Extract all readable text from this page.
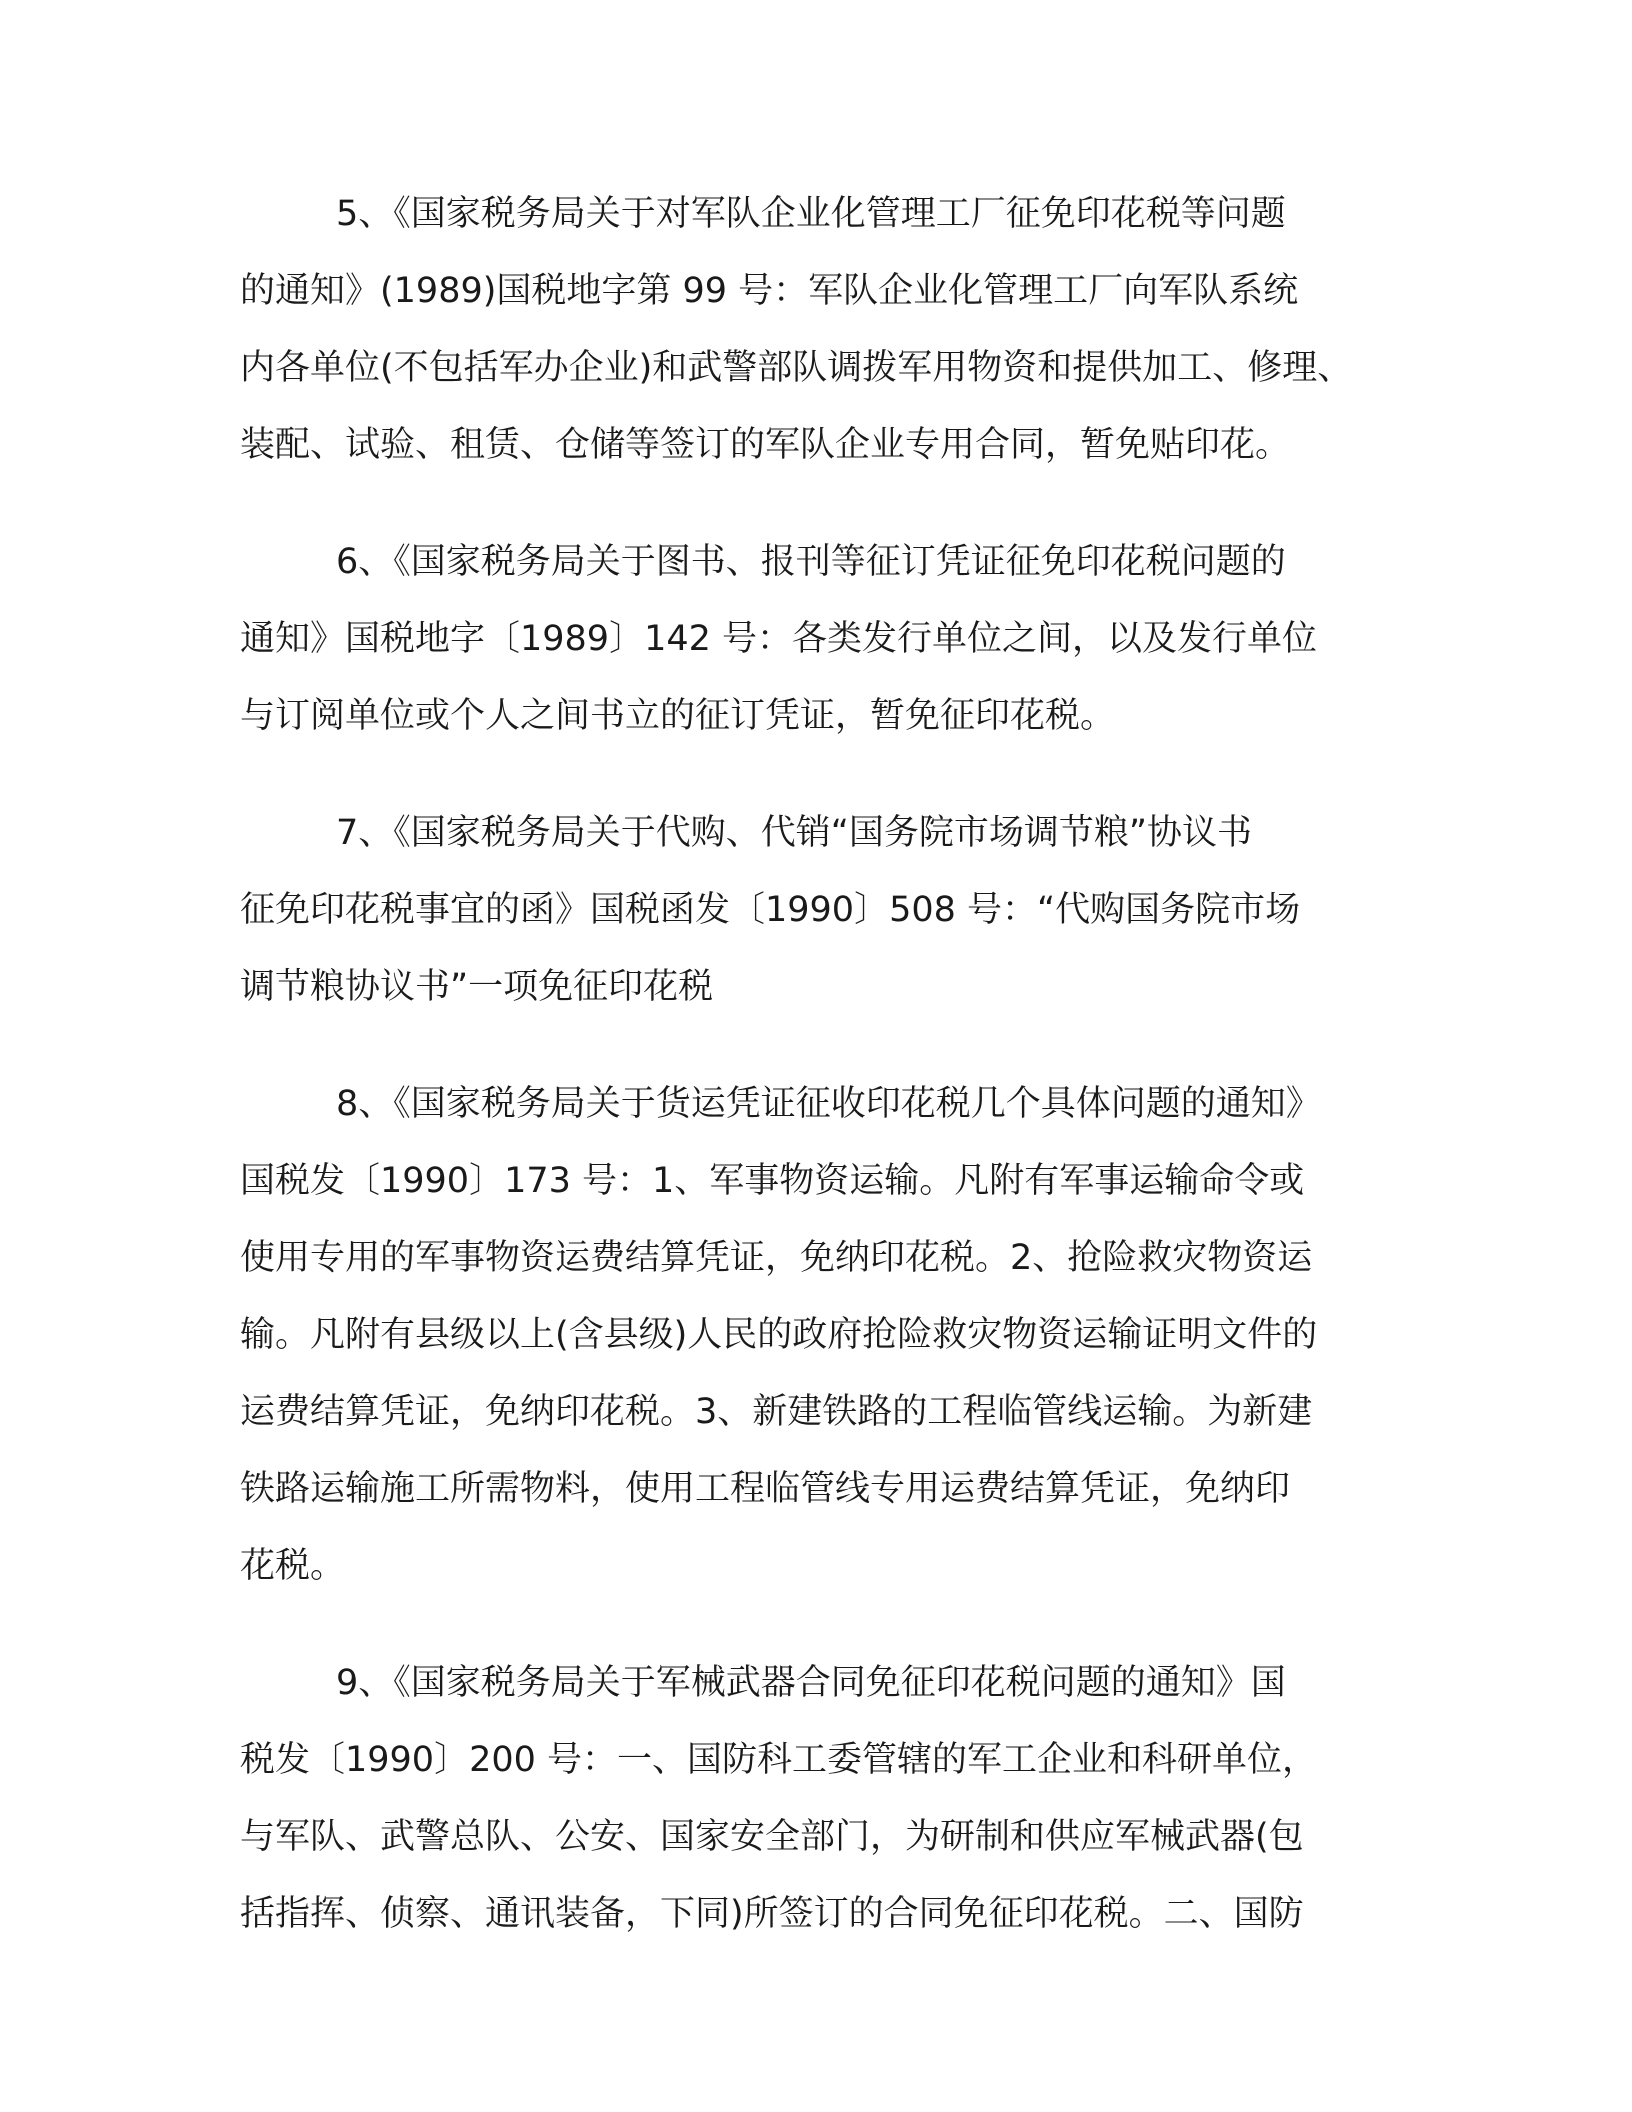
5、《国家税务局关于对军队企业化管理工厂征免印花税等问题
的通知》(1989)国税地字第 99 号：军队企业化管理工厂向军队系统
内各单位(不包括军办企业)和武警部队调拨军用物资和提供加工、修理、
装配、试验、租赁、仓储等签订的军队企业专用合同，暂免贴印花。
6、《国家税务局关于图书、报刊等征订凭证征免印花税问题的
通知》国税地字〔1989〕142 号：各类发行单位之间，以及发行单位
与订阅单位或个人之间书立的征订凭证，暂免征印花税。
7、《国家税务局关于代购、代销“国务院市场调节粮”协议书
征免印花税事宜的函》国税函发〔1990〕508 号：“代购国务院市场
调节粮协议书”一项免征印花税
8、《国家税务局关于货运凭证征收印花税几个具体问题的通知》
国税发〔1990〕173 号：1、军事物资运输。凡附有军事运输命令或
使用专用的军事物资运费结算凭证，免纳印花税。2、抢险救灾物资运
输。凡附有县级以上(含县级)人民的政府抢险救灾物资运输证明文件的
运费结算凭证，免纳印花税。3、新建铁路的工程临管线运输。为新建
铁路运输施工所需物料，使用工程临管线专用运费结算凭证，免纳印
花税。
9、《国家税务局关于军械武器合同免征印花税问题的通知》国
税发〔1990〕200 号：一、国防科工委管辖的军工企业和科研单位，
与军队、武警总队、公安、国家安全部门，为研制和供应军械武器(包
括指挥、侦察、通讯装备，下同)所签订的合同免征印花税。二、国防
